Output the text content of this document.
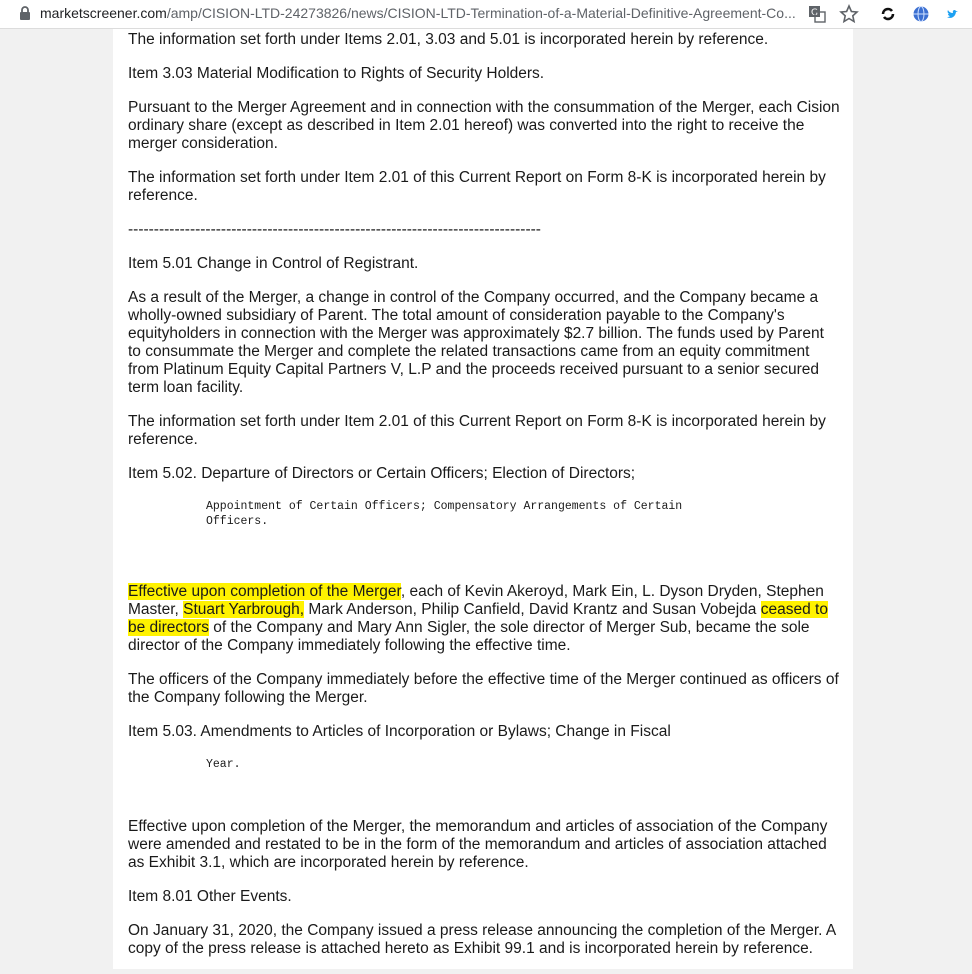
marketscreener.com/amp/CISION-LTD-24273826/news/CISION-LTD-Termination-of-a-Material-Definitive-Agreement-Co...	G

The information set forth under Items 2.01, 3.03 and 5.01 is incorporated herein by reference.

Item 3.03 Material Modification to Rights of Security Holders.

Pursuant to the Merger Agreement and in connection with the consummation of the Merger, each Cision ordinary share (except as described in Item 2.01 hereof) was converted into the right to receive the merger consideration.

The information set forth under Item 2.01 of this Current Report on Form 8-K is incorporated herein by reference.

--------------------------------------------------------------------------------

Item 5.01 Change in Control of Registrant.

As a result of the Merger, a change in control of the Company occurred, and the Company became a wholly-owned subsidiary of Parent. The total amount of consideration payable to the Company's equityholders in connection with the Merger was approximately $2.7 billion. The funds used by Parent to consummate the Merger and complete the related transactions came from an equity commitment from Platinum Equity Capital Partners V, L.P and the proceeds received pursuant to a senior secured term loan facility.

The information set forth under Item 2.01 of this Current Report on Form 8-K is incorporated herein by reference.

Item 5.02. Departure of Directors or Certain Officers; Election of Directors;

Appointment of Certain Officers; Compensatory Arrangements of Certain
Officers.

Effective upon completion of the Merger, each of Kevin Akeroyd, Mark Ein, L. Dyson Dryden, Stephen Master, Stuart Yarbrough, Mark Anderson, Philip Canfield, David Krantz and Susan Vobejda ceased to be directors of the Company and Mary Ann Sigler, the sole director of Merger Sub, became the sole director of the Company immediately following the effective time.

The officers of the Company immediately before the effective time of the Merger continued as officers of the Company following the Merger.

Item 5.03. Amendments to Articles of Incorporation or Bylaws; Change in Fiscal

Year.

Effective upon completion of the Merger, the memorandum and articles of association of the Company were amended and restated to be in the form of the memorandum and articles of association attached as Exhibit 3.1, which are incorporated herein by reference.

Item 8.01 Other Events.

On January 31, 2020, the Company issued a press release announcing the completion of the Merger. A copy of the press release is attached hereto as Exhibit 99.1 and is incorporated herein by reference.
